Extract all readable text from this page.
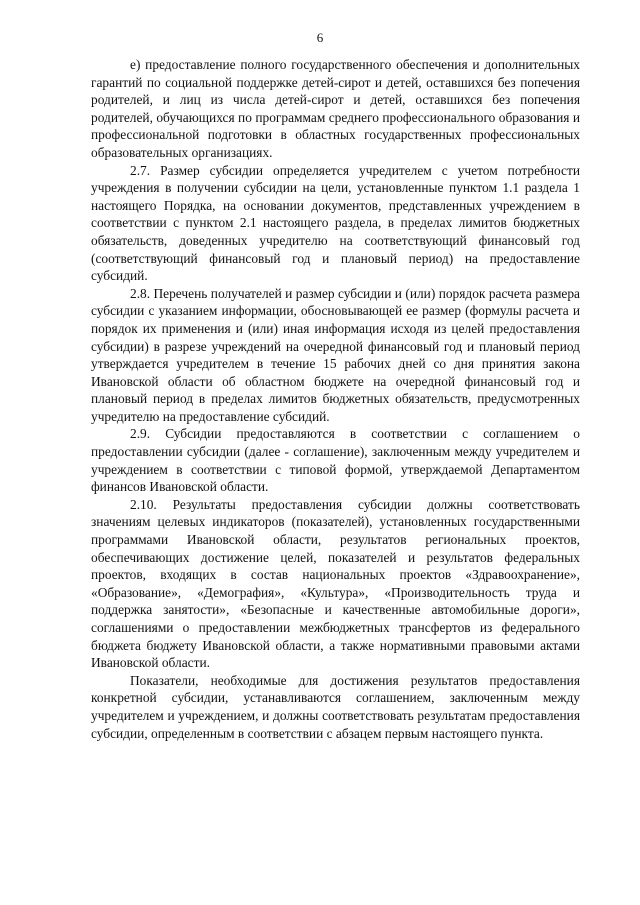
6

е) предоставление полного государственного обеспечения и дополнительных гарантий по социальной поддержке детей-сирот и детей, оставшихся без попечения родителей, и лиц из числа детей-сирот и детей, оставшихся без попечения родителей, обучающихся по программам среднего профессионального образования и профессиональной подготовки в областных государственных профессиональных образовательных организациях.

2.7. Размер субсидии определяется учредителем с учетом потребности учреждения в получении субсидии на цели, установленные пунктом 1.1 раздела 1 настоящего Порядка, на основании документов, представленных учреждением в соответствии с пунктом 2.1 настоящего раздела, в пределах лимитов бюджетных обязательств, доведенных учредителю на соответствующий финансовый год (соответствующий финансовый год и плановый период) на предоставление субсидий.

2.8. Перечень получателей и размер субсидии и (или) порядок расчета размера субсидии с указанием информации, обосновывающей ее размер (формулы расчета и порядок их применения и (или) иная информация исходя из целей предоставления субсидии) в разрезе учреждений на очередной финансовый год и плановый период утверждается учредителем в течение 15 рабочих дней со дня принятия закона Ивановской области об областном бюджете на очередной финансовый год и плановый период в пределах лимитов бюджетных обязательств, предусмотренных учредителю на предоставление субсидий.

2.9. Субсидии предоставляются в соответствии с соглашением о предоставлении субсидии (далее - соглашение), заключенным между учредителем и учреждением в соответствии с типовой формой, утверждаемой Департаментом финансов Ивановской области.

2.10. Результаты предоставления субсидии должны соответствовать значениям целевых индикаторов (показателей), установленных государственными программами Ивановской области, результатов региональных проектов, обеспечивающих достижение целей, показателей и результатов федеральных проектов, входящих в состав национальных проектов «Здравоохранение», «Образование», «Демография», «Культура», «Производительность труда и поддержка занятости», «Безопасные и качественные автомобильные дороги», соглашениями о предоставлении межбюджетных трансфертов из федерального бюджета бюджету Ивановской области, а также нормативными правовыми актами Ивановской области.

Показатели, необходимые для достижения результатов предоставления конкретной субсидии, устанавливаются соглашением, заключенным между учредителем и учреждением, и должны соответствовать результатам предоставления субсидии, определенным в соответствии с абзацем первым настоящего пункта.
